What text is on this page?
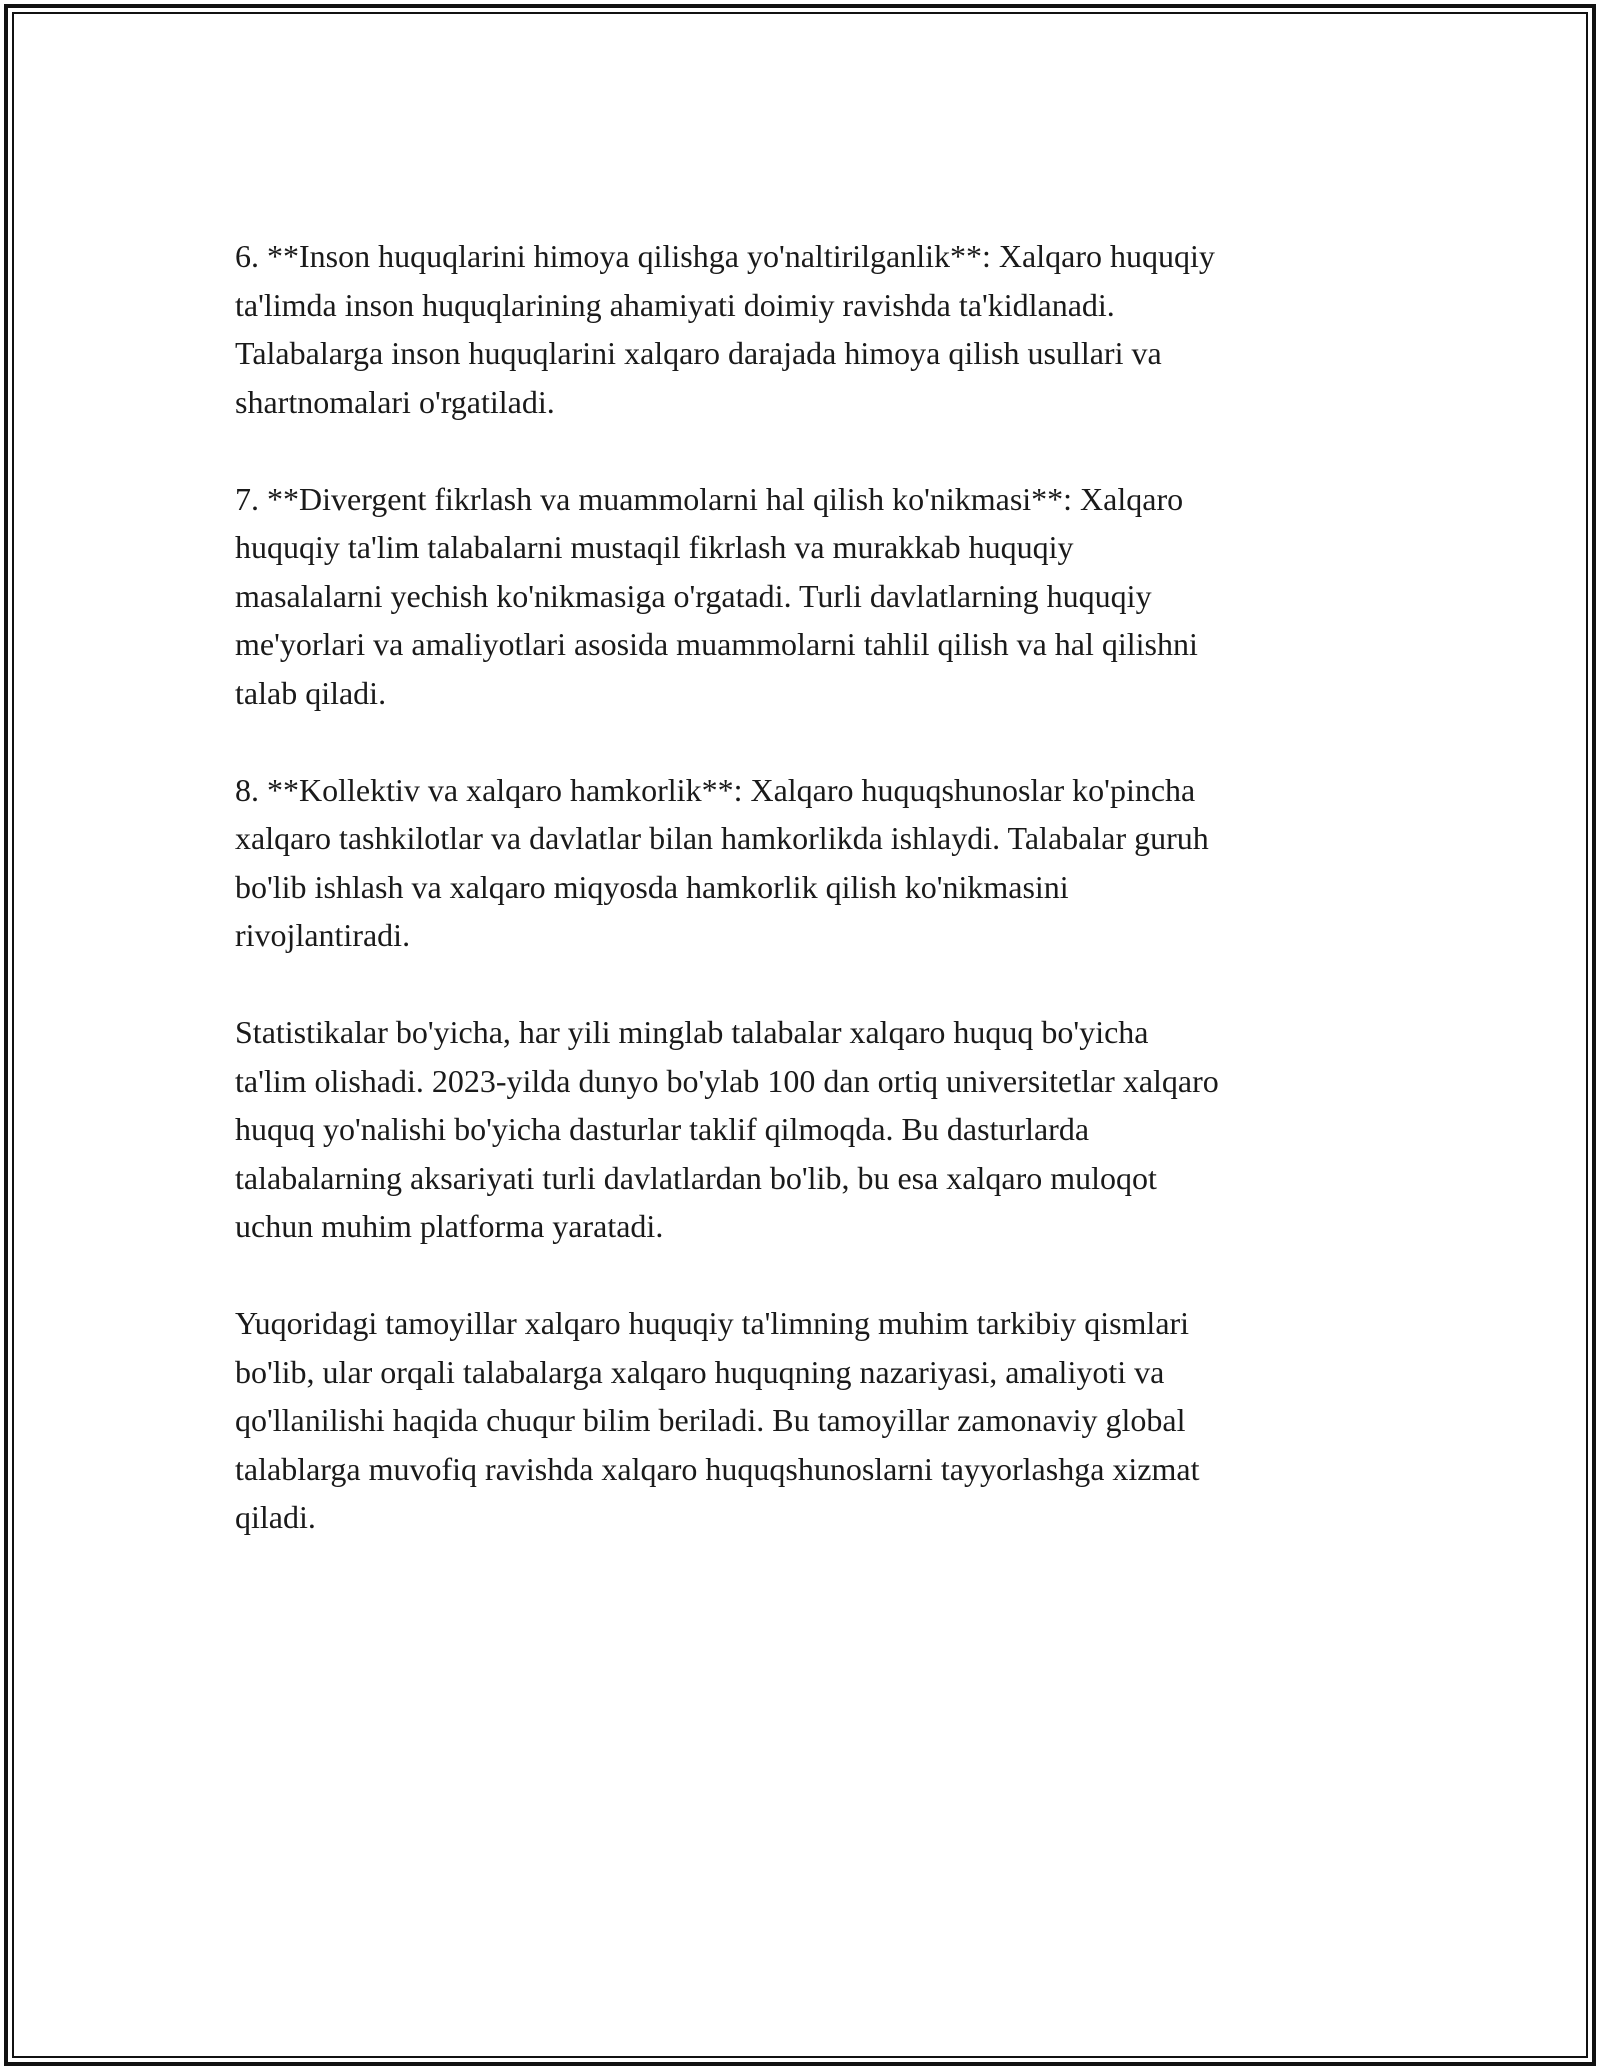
6. **Inson huquqlarini himoya qilishga yo'naltirilganlik**: Xalqaro huquqiy
ta'limda inson huquqlarining ahamiyati doimiy ravishda ta'kidlanadi.
Talabalarga inson huquqlarini xalqaro darajada himoya qilish usullari va
shartnomalari o'rgatiladi.

7. **Divergent fikrlash va muammolarni hal qilish ko'nikmasi**: Xalqaro
huquqiy ta'lim talabalarni mustaqil fikrlash va murakkab huquqiy
masalalarni yechish ko'nikmasiga o'rgatadi. Turli davlatlarning huquqiy
me'yorlari va amaliyotlari asosida muammolarni tahlil qilish va hal qilishni
talab qiladi.

8. **Kollektiv va xalqaro hamkorlik**: Xalqaro huquqshunoslar ko'pincha
xalqaro tashkilotlar va davlatlar bilan hamkorlikda ishlaydi. Talabalar guruh
bo'lib ishlash va xalqaro miqyosda hamkorlik qilish ko'nikmasini
rivojlantiradi.

Statistikalar bo'yicha, har yili minglab talabalar xalqaro huquq bo'yicha
ta'lim olishadi. 2023-yilda dunyo bo'ylab 100 dan ortiq universitetlar xalqaro
huquq yo'nalishi bo'yicha dasturlar taklif qilmoqda. Bu dasturlarda
talabalarning aksariyati turli davlatlardan bo'lib, bu esa xalqaro muloqot
uchun muhim platforma yaratadi.

Yuqoridagi tamoyillar xalqaro huquqiy ta'limning muhim tarkibiy qismlari
bo'lib, ular orqali talabalarga xalqaro huquqning nazariyasi, amaliyoti va
qo'llanilishi haqida chuqur bilim beriladi. Bu tamoyillar zamonaviy global
talablarga muvofiq ravishda xalqaro huquqshunoslarni tayyorlashga xizmat
qiladi.
